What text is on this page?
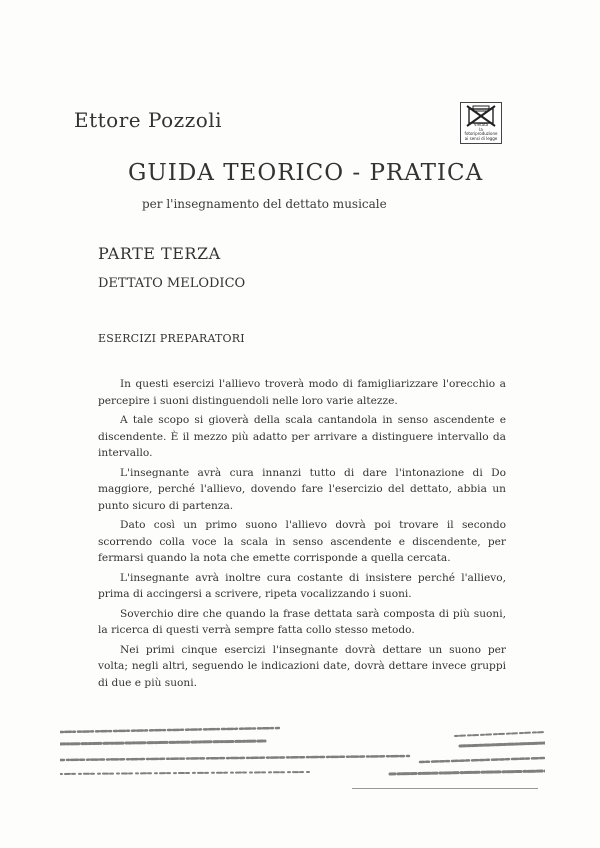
Ettore Pozzoli	Vietata
la fotoriproduzione
ai sensi di legge
GUIDA TEORICO - PRATICA
per l'insegnamento del dettato musicale
PARTE TERZA
DETTATO MELODICO
ESERCIZI PREPARATORI

In questi esercizi l'allievo troverà modo di famigliarizzare l'orecchio a percepire i suoni distinguendoli nelle loro varie altezze.

A tale scopo si gioverà della scala cantandola in senso ascendente e discendente. È il mezzo più adatto per arrivare a distinguere intervallo da intervallo.

L'insegnante avrà cura innanzi tutto di dare l'intonazione di Do maggiore, perché l'allievo, dovendo fare l'esercizio del dettato, abbia un punto sicuro di partenza.

Dato così un primo suono l'allievo dovrà poi trovare il secondo scorrendo colla voce la scala in senso ascendente e discendente, per fermarsi quando la nota che emette corrisponde a quella cercata.

L'insegnante avrà inoltre cura costante di insistere perché l'allievo, prima di accingersi a scrivere, ripeta vocalizzando i suoni.

Soverchio dire che quando la frase dettata sarà composta di più suoni, la ricerca di questi verrà sempre fatta collo stesso metodo.

Nei primi cinque esercizi l'insegnante dovrà dettare un suono per volta; negli altri, seguendo le indicazioni date, dovrà dettare invece gruppi di due e più suoni.
